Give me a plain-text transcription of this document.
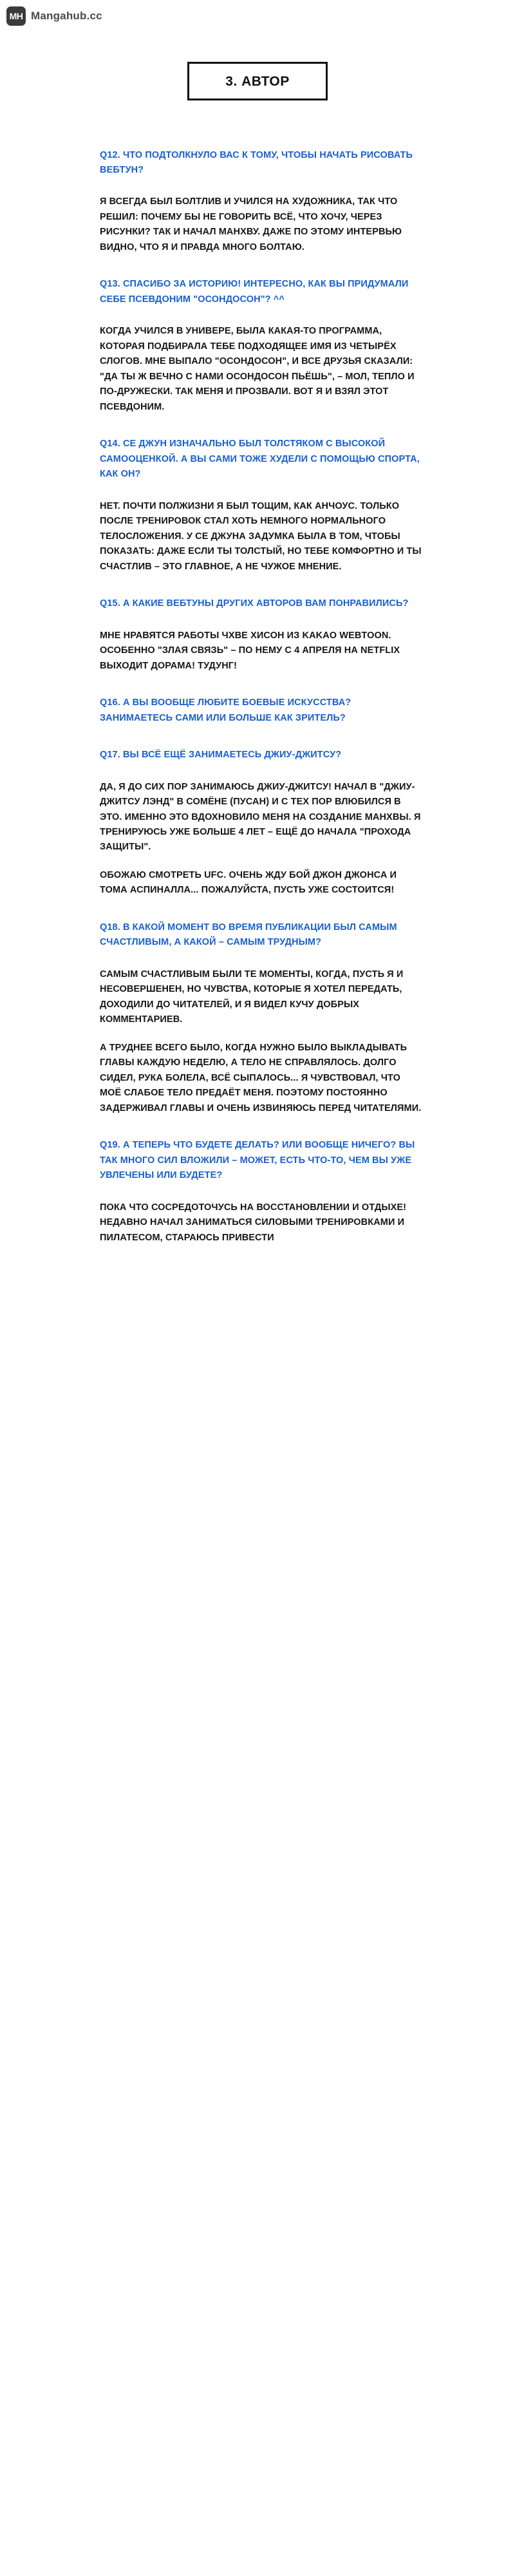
MH Mangahub.cc
3. АВТОР

Q12. ЧТО ПОДТОЛКНУЛО ВАС К ТОМУ, ЧТОБЫ НАЧАТЬ РИСОВАТЬ ВЕБТУН?

Я ВСЕГДА БЫЛ БОЛТЛИВ И УЧИЛСЯ НА ХУДОЖНИКА, ТАК ЧТО РЕШИЛ: ПОЧЕМУ БЫ НЕ ГОВОРИТЬ ВСЁ, ЧТО ХОЧУ, ЧЕРЕЗ РИСУНКИ? ТАК И НАЧАЛ МАНХВУ. ДАЖЕ ПО ЭТОМУ ИНТЕРВЬЮ ВИДНО, ЧТО Я И ПРАВДА МНОГО БОЛТАЮ.

Q13. СПАСИБО ЗА ИСТОРИЮ! ИНТЕРЕСНО, КАК ВЫ ПРИДУМАЛИ СЕБЕ ПСЕВДОНИМ "ОСОНДОСОН"? ^^

КОГДА УЧИЛСЯ В УНИВЕРЕ, БЫЛА КАКАЯ-ТО ПРОГРАММА, КОТОРАЯ ПОДБИРАЛА ТЕБЕ ПОДХОДЯЩЕЕ ИМЯ ИЗ ЧЕТЫРЁХ СЛОГОВ. МНЕ ВЫПАЛО "ОСОНДОСОН", И ВСЕ ДРУЗЬЯ СКАЗАЛИ: "ДА ТЫ Ж ВЕЧНО С НАМИ ОСОНДОСОН ПЬЁШЬ", – МОЛ, ТЕПЛО И ПО-ДРУЖЕСКИ. ТАК МЕНЯ И ПРОЗВАЛИ. ВОТ Я И ВЗЯЛ ЭТОТ ПСЕВДОНИМ.

Q14. СЕ ДЖУН ИЗНАЧАЛЬНО БЫЛ ТОЛСТЯКОМ С ВЫСОКОЙ САМООЦЕНКОЙ. А ВЫ САМИ ТОЖЕ ХУДЕЛИ С ПОМОЩЬЮ СПОРТА, КАК ОН?

НЕТ. ПОЧТИ ПОЛЖИЗНИ Я БЫЛ ТОЩИМ, КАК АНЧОУС. ТОЛЬКО ПОСЛЕ ТРЕНИРОВОК СТАЛ ХОТЬ НЕМНОГО НОРМАЛЬНОГО ТЕЛОСЛОЖЕНИЯ. У СЕ ДЖУНА ЗАДУМКА БЫЛА В ТОМ, ЧТОБЫ ПОКАЗАТЬ: ДАЖЕ ЕСЛИ ТЫ ТОЛСТЫЙ, НО ТЕБЕ КОМФОРТНО И ТЫ СЧАСТЛИВ – ЭТО ГЛАВНОЕ, А НЕ ЧУЖОЕ МНЕНИЕ.

Q15. А КАКИЕ ВЕБТУНЫ ДРУГИХ АВТОРОВ ВАМ ПОНРАВИЛИСЬ?

МНЕ НРАВЯТСЯ РАБОТЫ ЧХВЕ ХИСОН ИЗ KAKAO WEBTOON. ОСОБЕННО "ЗЛАЯ СВЯЗЬ" – ПО НЕМУ С 4 АПРЕЛЯ НА NETFLIX ВЫХОДИТ ДОРАМА! ТУДУНГ!

Q16. А ВЫ ВООБЩЕ ЛЮБИТЕ БОЕВЫЕ ИСКУССТВА? ЗАНИМАЕТЕСЬ САМИ ИЛИ БОЛЬШЕ КАК ЗРИТЕЛЬ?

Q17. ВЫ ВСЁ ЕЩЁ ЗАНИМАЕТЕСЬ ДЖИУ-ДЖИТСУ?

ДА, Я ДО СИХ ПОР ЗАНИМАЮСЬ ДЖИУ-ДЖИТСУ! НАЧАЛ В "ДЖИУ-ДЖИТСУ ЛЭНД" В СОМЁНЕ (ПУСАН) И С ТЕХ ПОР ВЛЮБИЛСЯ В ЭТО. ИМЕННО ЭТО ВДОХНОВИЛО МЕНЯ НА СОЗДАНИЕ МАНХВЫ. Я ТРЕНИРУЮСЬ УЖЕ БОЛЬШЕ 4 ЛЕТ – ЕЩЁ ДО НАЧАЛА "ПРОХОДА ЗАЩИТЫ".

ОБОЖАЮ СМОТРЕТЬ UFC. ОЧЕНЬ ЖДУ БОЙ ДЖОН ДЖОНСА И ТОМА АСПИНАЛЛА... ПОЖАЛУЙСТА, ПУСТЬ УЖЕ СОСТОИТСЯ!

Q18. В КАКОЙ МОМЕНТ ВО ВРЕМЯ ПУБЛИКАЦИИ БЫЛ САМЫМ СЧАСТЛИВЫМ, А КАКОЙ – САМЫМ ТРУДНЫМ?

САМЫМ СЧАСТЛИВЫМ БЫЛИ ТЕ МОМЕНТЫ, КОГДА, ПУСТЬ Я И НЕСОВЕРШЕНЕН, НО ЧУВСТВА, КОТОРЫЕ Я ХОТЕЛ ПЕРЕДАТЬ, ДОХОДИЛИ ДО ЧИТАТЕЛЕЙ, И Я ВИДЕЛ КУЧУ ДОБРЫХ КОММЕНТАРИЕВ.

А ТРУДНЕЕ ВСЕГО БЫЛО, КОГДА НУЖНО БЫЛО ВЫКЛАДЫВАТЬ ГЛАВЫ КАЖДУЮ НЕДЕЛЮ, А ТЕЛО НЕ СПРАВЛЯЛОСЬ. ДОЛГО СИДЕЛ, РУКА БОЛЕЛА, ВСЁ СЫПАЛОСЬ... Я ЧУВСТВОВАЛ, ЧТО МОЁ СЛАБОЕ ТЕЛО ПРЕДАЁТ МЕНЯ. ПОЭТОМУ ПОСТОЯННО ЗАДЕРЖИВАЛ ГЛАВЫ И ОЧЕНЬ ИЗВИНЯЮСЬ ПЕРЕД ЧИТАТЕЛЯМИ.

Q19. А ТЕПЕРЬ ЧТО БУДЕТЕ ДЕЛАТЬ? ИЛИ ВООБЩЕ НИЧЕГО? ВЫ ТАК МНОГО СИЛ ВЛОЖИЛИ – МОЖЕТ, ЕСТЬ ЧТО-ТО, ЧЕМ ВЫ УЖЕ УВЛЕЧЕНЫ ИЛИ БУДЕТЕ?

ПОКА ЧТО СОСРЕДОТОЧУСЬ НА ВОССТАНОВЛЕНИИ И ОТДЫХЕ! НЕДАВНО НАЧАЛ ЗАНИМАТЬСЯ СИЛОВЫМИ ТРЕНИРОВКАМИ И ПИЛАТЕСОМ, СТАРАЮСЬ ПРИВЕСТИ
